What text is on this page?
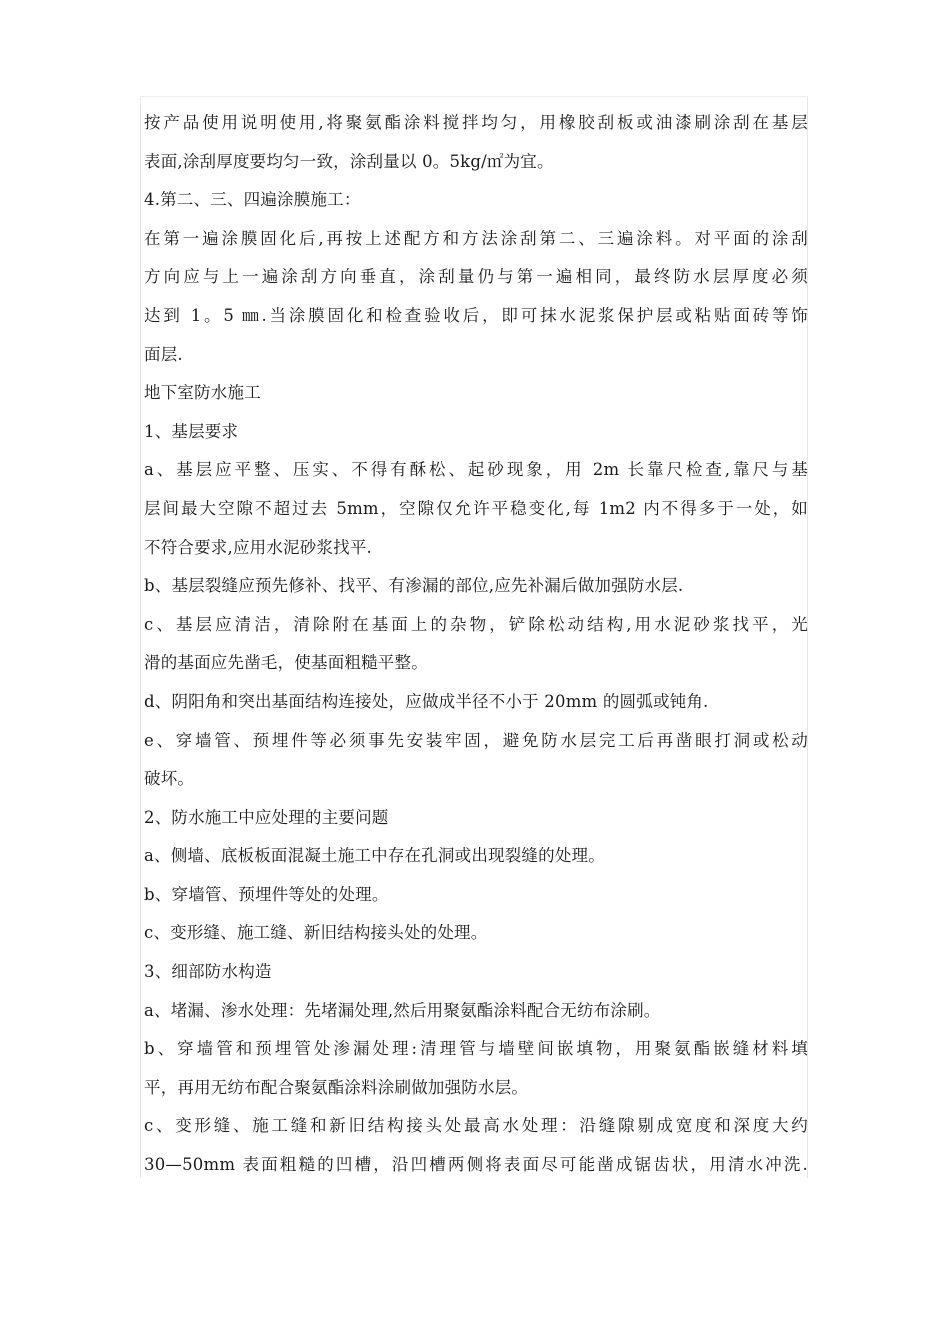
按产品使用说明使用,将聚氨酯涂料搅拌均匀，用橡胶刮板或油漆刷涂刮在基层
表面,涂刮厚度要均匀一致，涂刮量以 0。5kg/㎡为宜。
4.第二、三、四遍涂膜施工：
在第一遍涂膜固化后,再按上述配方和方法涂刮第二、三遍涂料。对平面的涂刮
方向应与上一遍涂刮方向垂直，涂刮量仍与第一遍相同，最终防水层厚度必须
达到 1。5 ㎜.当涂膜固化和检查验收后，即可抹水泥浆保护层或粘贴面砖等饰
面层.
地下室防水施工
1、基层要求
a、基层应平整、压实、不得有酥松、起砂现象，用 2m 长靠尺检查,靠尺与基
层间最大空隙不超过去 5mm，空隙仅允许平稳变化,每 1m2 内不得多于一处，如
不符合要求,应用水泥砂浆找平.
b、基层裂缝应预先修补、找平、有渗漏的部位,应先补漏后做加强防水层.
c、基层应清洁，清除附在基面上的杂物，铲除松动结构,用水泥砂浆找平，光
滑的基面应先凿毛，使基面粗糙平整。
d、阴阳角和突出基面结构连接处，应做成半径不小于 20mm 的圆弧或钝角.
e、穿墙管、预埋件等必须事先安装牢固，避免防水层完工后再凿眼打洞或松动
破坏。
2、防水施工中应处理的主要问题
a、侧墙、底板板面混凝土施工中存在孔洞或出现裂缝的处理。
b、穿墙管、预埋件等处的处理。
c、变形缝、施工缝、新旧结构接头处的处理。
3、细部防水构造
a、堵漏、渗水处理：先堵漏处理,然后用聚氨酯涂料配合无纺布涂刷。
b、穿墙管和预埋管处渗漏处理:清理管与墙壁间嵌填物，用聚氨酯嵌缝材料填
平，再用无纺布配合聚氨酯涂料涂刷做加强防水层。
c、变形缝、施工缝和新旧结构接头处最高水处理：沿缝隙剔成宽度和深度大约
30—50mm 表面粗糙的凹槽，沿凹槽两侧将表面尽可能凿成锯齿状，用清水冲洗.
